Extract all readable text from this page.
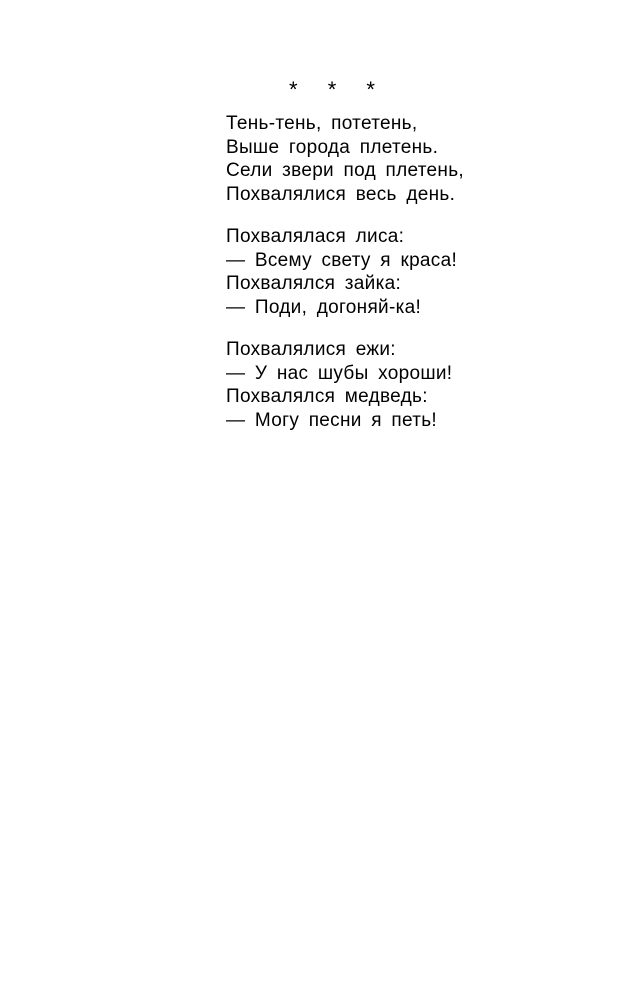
* * *
Тень-тень, потетень,
Выше города плетень.
Сели звери под плетень,
Похвалялися весь день.
Похвалялася лиса:
— Всему свету я краса!
Похвалялся зайка:
— Поди, догоняй-ка!
Похвалялися ежи:
— У нас шубы хороши!
Похвалялся медведь:
— Могу песни я петь!
